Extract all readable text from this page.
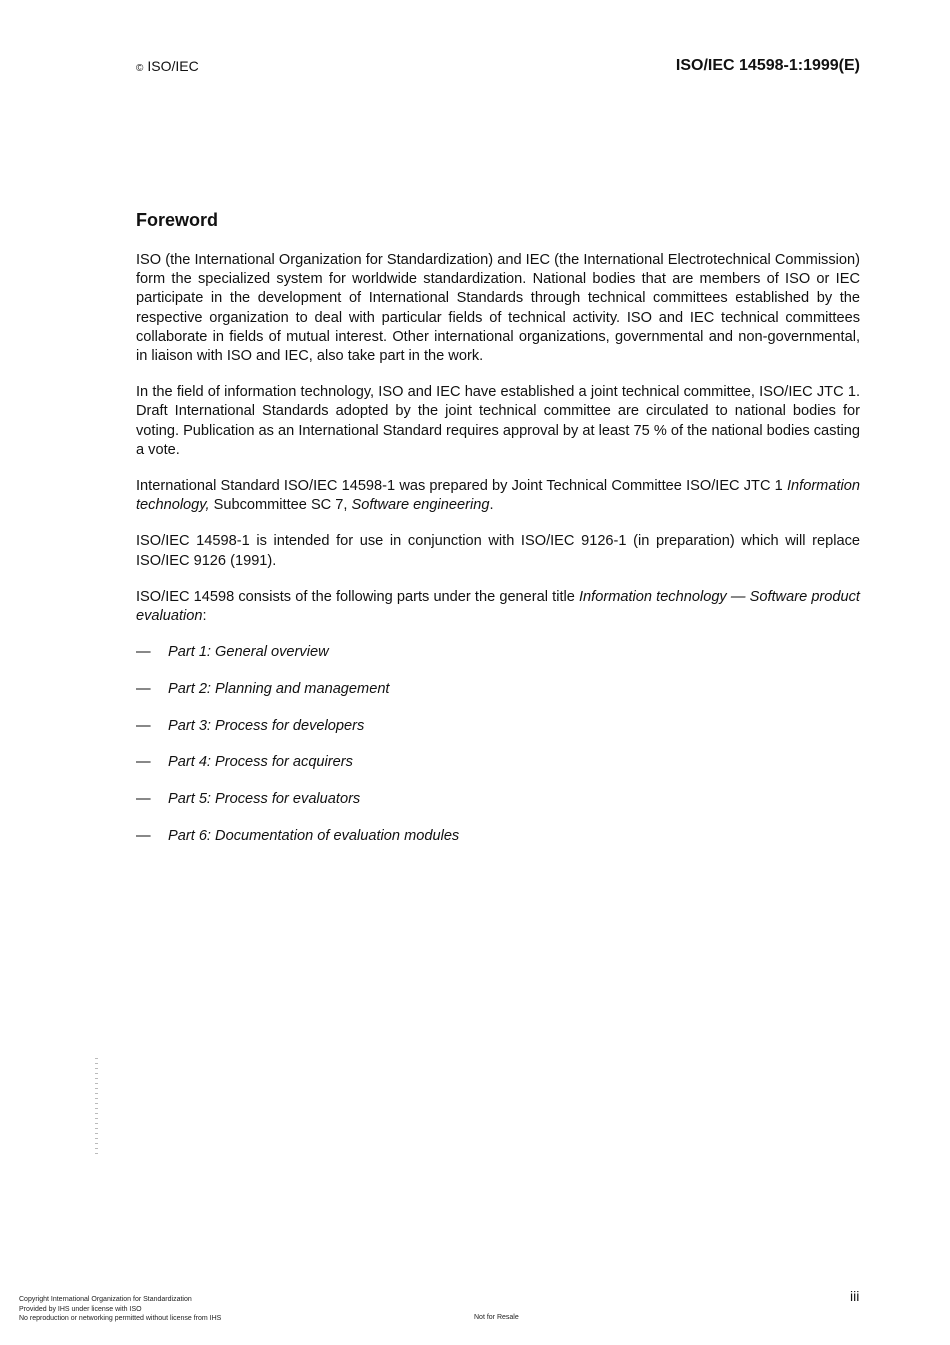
© ISO/IEC	ISO/IEC 14598-1:1999(E)
Foreword

ISO (the International Organization for Standardization) and IEC (the International Electrotechnical Commission) form the specialized system for worldwide standardization. National bodies that are members of ISO or IEC participate in the development of International Standards through technical committees established by the respective organization to deal with particular fields of technical activity. ISO and IEC technical committees collaborate in fields of mutual interest. Other international organizations, governmental and non-governmental, in liaison with ISO and IEC, also take part in the work.

In the field of information technology, ISO and IEC have established a joint technical committee, ISO/IEC JTC 1. Draft International Standards adopted by the joint technical committee are circulated to national bodies for voting. Publication as an International Standard requires approval by at least 75 % of the national bodies casting a vote.

International Standard ISO/IEC 14598-1 was prepared by Joint Technical Committee ISO/IEC JTC 1 Information technology, Subcommittee SC 7, Software engineering.

ISO/IEC 14598-1 is intended for use in conjunction with ISO/IEC 9126-1 (in preparation) which will replace ISO/IEC 9126 (1991).

ISO/IEC 14598 consists of the following parts under the general title Information technology — Software product evaluation:

—	Part 1: General overview
—	Part 2: Planning and management
—	Part 3: Process for developers
—	Part 4: Process for acquirers
—	Part 5: Process for evaluators
—	Part 6: Documentation of evaluation modules
iii
Copyright International Organization for Standardization
Provided by IHS under license with ISO
No reproduction or networking permitted without license from IHS	Not for Resale
